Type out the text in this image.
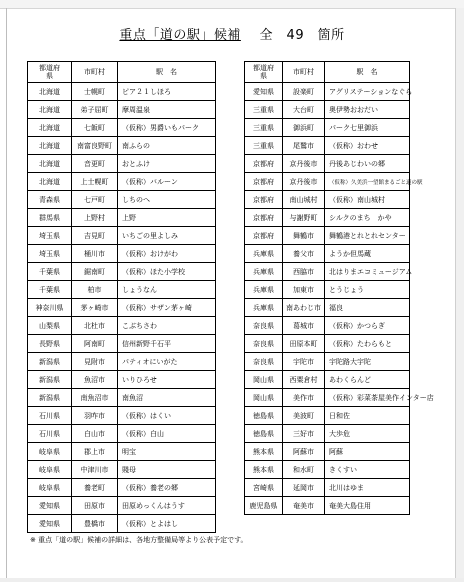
重点「道の駅」候補 全　49　箇所
都道府県	市町村	駅　名
北海道	士幌町	ピア２１しほろ
北海道	弟子屈町	摩周温泉
北海道	七飯町	（仮称）男爵いもパーク
北海道	南富良野町	南ふらの
北海道	音更町	おとふけ
北海道	上士幌町	（仮称）バルーン
青森県	七戸町	しちのへ
群馬県	上野村	上野
埼玉県	吉見町	いちごの里よしみ
埼玉県	桶川市	（仮称）おけがわ
千葉県	鋸南町	（仮称）ほた小学校
千葉県	柏市	しょうなん
神奈川県	茅ヶ崎市	（仮称）サザン茅ヶ崎
山梨県	北杜市	こぶちさわ
長野県	阿南町	信州新野千石平
新潟県	見附市	パティオにいがた
新潟県	魚沼市	いりひろせ
新潟県	南魚沼市	南魚沼
石川県	羽咋市	（仮称）はくい
石川県	白山市	（仮称）白山
岐阜県	郡上市	明宝
岐阜県	中津川市	賤母
岐阜県	養老町	（仮称）養老の郷
愛知県	田原市	田原めっくんはうす
愛知県	豊橋市	（仮称）とよはし
都道府県	市町村	駅　名
愛知県	設楽町	アグリステーションなぐら
三重県	大台町	奥伊勢おおだい
三重県	御浜町	パーク七里御浜
三重県	尾鷲市	（仮称）おわせ
京都府	京丹後市	丹後あじわいの郷
京都府	京丹後市	（仮称）久美浜一望館まるごと道の駅
京都府	南山城村	（仮称）南山城村
京都府	与謝野町	シルクのまち　かや
京都府	舞鶴市	舞鶴港とれとれセンター
兵庫県	養父市	ようか但馬蔵
兵庫県	西脇市	北はりまエコミュージアム
兵庫県	加東市	とうじょう
兵庫県	南あわじ市	福良
奈良県	葛城市	（仮称）かつらぎ
奈良県	田原本町	（仮称）たわらもと
奈良県	宇陀市	宇陀路大宇陀
岡山県	西粟倉村	あわくらんど
岡山県	美作市	（仮称）彩菜茶屋美作インター店
徳島県	美波町	日和佐
徳島県	三好市	大歩危
熊本県	阿蘇市	阿蘇
熊本県	和水町	きくすい
宮崎県	延岡市	北川はゆま
鹿児島県	奄美市	奄美大島住用
※ 重点「道の駅」候補の詳細は、各地方整備局等より公表予定です。
